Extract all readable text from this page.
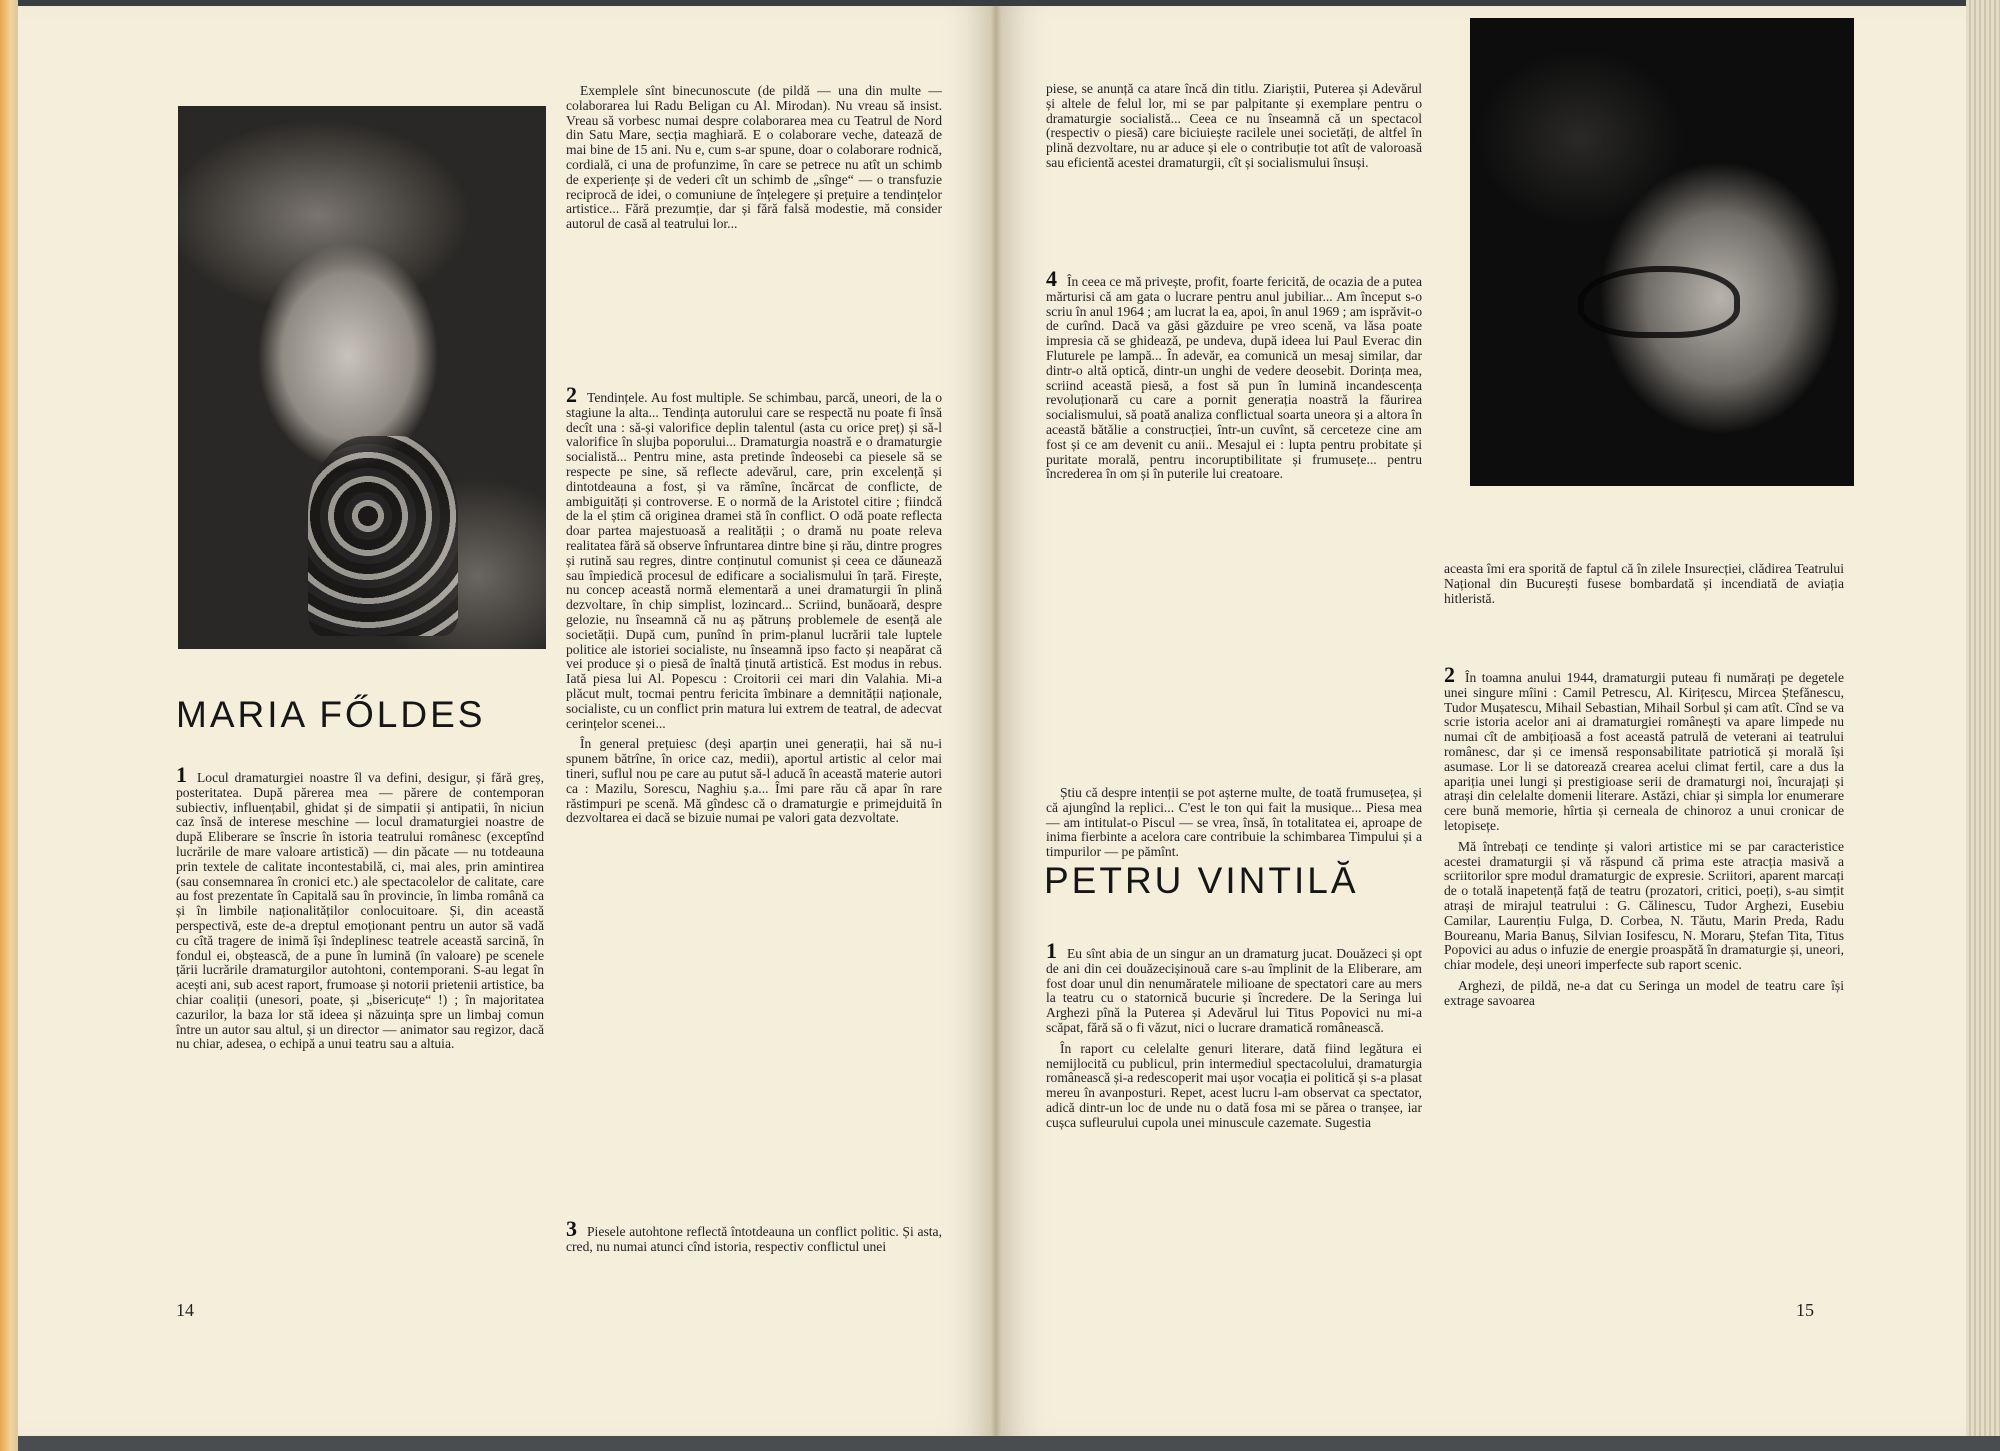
MARIA FŐLDES

1 Locul dramaturgiei noastre îl va defini, desigur, și fără greș, posteritatea. După părerea mea — părere de contemporan subiectiv, influențabil, ghidat și de simpatii și antipatii, în niciun caz însă de interese meschine — locul dramaturgiei noastre de după Eliberare se înscrie în istoria teatrului românesc (exceptînd lucrările de mare valoare artistică) — din păcate — nu totdeauna prin textele de calitate incontestabilă, ci, mai ales, prin amintirea (sau consemnarea în cronici etc.) ale spectacolelor de calitate, care au fost prezentate în Capitală sau în provincie, în limba română ca și în limbile naționalităților conlocuitoare. Și, din această perspectivă, este de-a dreptul emoționant pentru un autor să vadă cu cîtă tragere de inimă își îndeplinesc teatrele această sarcină, în fondul ei, obștească, de a pune în lumină (în valoare) pe scenele țării lucrările dramaturgilor autohtoni, contemporani. S-au legat în acești ani, sub acest raport, frumoase și notorii prietenii artistice, ba chiar coaliții (unesori, poate, și „bisericuțe“ !) ; în majoritatea cazurilor, la baza lor stă ideea și năzuința spre un limbaj comun între un autor sau altul, și un director — animator sau regizor, dacă nu chiar, adesea, o echipă a unui teatru sau a altuia.

Exemplele sînt binecunoscute (de pildă — una din multe — colaborarea lui Radu Beligan cu Al. Mirodan). Nu vreau să insist. Vreau să vorbesc numai despre colaborarea mea cu Teatrul de Nord din Satu Mare, secția maghiară. E o colaborare veche, datează de mai bine de 15 ani. Nu e, cum s-ar spune, doar o colaborare rodnică, cordială, ci una de profunzime, în care se petrece nu atît un schimb de experiențe și de vederi cît un schimb de „sînge“ — o transfuzie reciprocă de idei, o comuniune de înțelegere și prețuire a tendințelor artistice... Fără prezumție, dar și fără falsă modestie, mă consider autorul de casă al teatrului lor...

2 Tendințele. Au fost multiple. Se schimbau, parcă, uneori, de la o stagiune la alta... Tendința autorului care se respectă nu poate fi însă decît una : să-și valorifice deplin talentul (asta cu orice preț) și să-l valorifice în slujba poporului... Dramaturgia noastră e o dramaturgie socialistă... Pentru mine, asta pretinde îndeosebi ca piesele să se respecte pe sine, să reflecte adevărul, care, prin excelență și dintotdeauna a fost, și va rămîne, încărcat de conflicte, de ambiguități și controverse. E o normă de la Aristotel citire ; fiindcă de la el știm că originea dramei stă în conflict. O odă poate reflecta doar partea majestuoasă a realității ; o dramă nu poate releva realitatea fără să observe înfruntarea dintre bine și rău, dintre progres și rutină sau regres, dintre conținutul comunist și ceea ce dăunează sau împiedică procesul de edificare a socialismului în țară. Firește, nu concep această normă elementară a unei dramaturgii în plină dezvoltare, în chip simplist, lozincard... Scriind, bunăoară, despre gelozie, nu înseamnă că nu aș pătrunș problemele de esență ale societății. După cum, punînd în prim-planul lucrării tale luptele politice ale istoriei socialiste, nu înseamnă ipso facto și neapărat că vei produce și o piesă de înaltă ținută artistică. Est modus in rebus. Iată piesa lui Al. Popescu : Croitorii cei mari din Valahia. Mi-a plăcut mult, tocmai pentru fericita îmbinare a demnității naționale, socialiste, cu un conflict prin matura lui extrem de teatral, de adecvat cerințelor scenei...

În general prețuiesc (deși aparțin unei generații, hai să nu-i spunem bătrîne, în orice caz, medii), aportul artistic al celor mai tineri, suflul nou pe care au putut să-l aducă în această materie autori ca : Mazilu, Sorescu, Naghiu ș.a... Îmi pare rău că apar în rare răstimpuri pe scenă. Mă gîndesc că o dramaturgie e primejduită în dezvoltarea ei dacă se bizuie numai pe valori gata dezvoltate.

3 Piesele autohtone reflectă întotdeauna un conflict politic. Și asta, cred, nu numai atunci cînd istoria, respectiv conflictul unei

14
PETRU VINTILĂ

piese, se anunță ca atare încă din titlu. Ziariștii, Puterea și Adevărul și altele de felul lor, mi se par palpitante și exemplare pentru o dramaturgie socialistă... Ceea ce nu înseamnă că un spectacol (respectiv o piesă) care biciuiește racilele unei societăți, de altfel în plină dezvoltare, nu ar aduce și ele o contribuție tot atît de valoroasă sau eficientă acestei dramaturgii, cît și socialismului însuși.

4 În ceea ce mă privește, profit, foarte fericită, de ocazia de a putea mărturisi că am gata o lucrare pentru anul jubiliar... Am început s-o scriu în anul 1964 ; am lucrat la ea, apoi, în anul 1969 ; am isprăvit-o de curînd. Dacă va găsi găzduire pe vreo scenă, va lăsa poate impresia că se ghidează, pe undeva, după ideea lui Paul Everac din Fluturele pe lampă... În adevăr, ea comunică un mesaj similar, dar dintr-o altă optică, dintr-un unghi de vedere deosebit. Dorința mea, scriind această piesă, a fost să pun în lumină incandescența revoluționară cu care a pornit generația noastră la făurirea socialismului, să poată analiza conflictual soarta uneora și a altora în această bătălie a construcției, într-un cuvînt, să cerceteze cine am fost și ce am devenit cu anii.. Mesajul ei : lupta pentru probitate și puritate morală, pentru incoruptibilitate și frumusețe... pentru încrederea în om și în puterile lui creatoare.

Știu că despre intenții se pot așterne multe, de toată frumusețea, și că ajungînd la replici... C'est le ton qui fait la musique... Piesa mea — am intitulat-o Piscul — se vrea, însă, în totalitatea ei, aproape de inima fierbinte a acelora care contribuie la schimbarea Timpului și a timpurilor — pe pămînt.

1 Eu sînt abia de un singur an un dramaturg jucat. Douăzeci și opt de ani din cei douăzecișinouă care s-au împlinit de la Eliberare, am fost doar unul din nenumăratele milioane de spectatori care au mers la teatru cu o statornică bucurie și încredere. De la Seringa lui Arghezi pînă la Puterea și Adevărul lui Titus Popovici nu mi-a scăpat, fără să o fi văzut, nici o lucrare dramatică românească.

În raport cu celelalte genuri literare, dată fiind legătura ei nemijlocită cu publicul, prin intermediul spectacolului, dramaturgia românească și-a redescoperit mai ușor vocația ei politică și s-a plasat mereu în avanposturi. Repet, acest lucru l-am observat ca spectator, adică dintr-un loc de unde nu o dată fosa mi se părea o tranșee, iar cușca sufleurului cupola unei minuscule cazemate. Sugestia

aceasta îmi era sporită de faptul că în zilele Insurecției, clădirea Teatrului Național din București fusese bombardată și incendiată de aviația hitleristă.

2 În toamna anului 1944, dramaturgii puteau fi numărați pe degetele unei singure mîini : Camil Petrescu, Al. Kirițescu, Mircea Ștefănescu, Tudor Mușatescu, Mihail Sebastian, Mihail Sorbul și cam atît. Cînd se va scrie istoria acelor ani ai dramaturgiei românești va apare limpede nu numai cît de ambițioasă a fost această patrulă de veterani ai teatrului românesc, dar și ce imensă responsabilitate patriotică și morală își asumase. Lor li se datorează crearea acelui climat fertil, care a dus la apariția unei lungi și prestigioase serii de dramaturgi noi, încurajați și atrași din celelalte domenii literare. Astăzi, chiar și simpla lor enumerare cere bună memorie, hîrtia și cerneala de chinoroz a unui cronicar de letopisețe.

Mă întrebați ce tendințe și valori artistice mi se par caracteristice acestei dramaturgii și vă răspund că prima este atracția masivă a scriitorilor spre modul dramaturgic de expresie. Scriitori, aparent marcați de o totală inapetență față de teatru (prozatori, critici, poeți), s-au simțit atrași de mirajul teatrului : G. Călinescu, Tudor Arghezi, Eusebiu Camilar, Laurențiu Fulga, D. Corbea, N. Tăutu, Marin Preda, Radu Boureanu, Maria Banuș, Silvian Iosifescu, N. Moraru, Ștefan Tita, Titus Popovici au adus o infuzie de energie proaspătă în dramaturgie și, uneori, chiar modele, deși uneori imperfecte sub raport scenic.

Arghezi, de pildă, ne-a dat cu Seringa un model de teatru care își extrage savoarea

15
